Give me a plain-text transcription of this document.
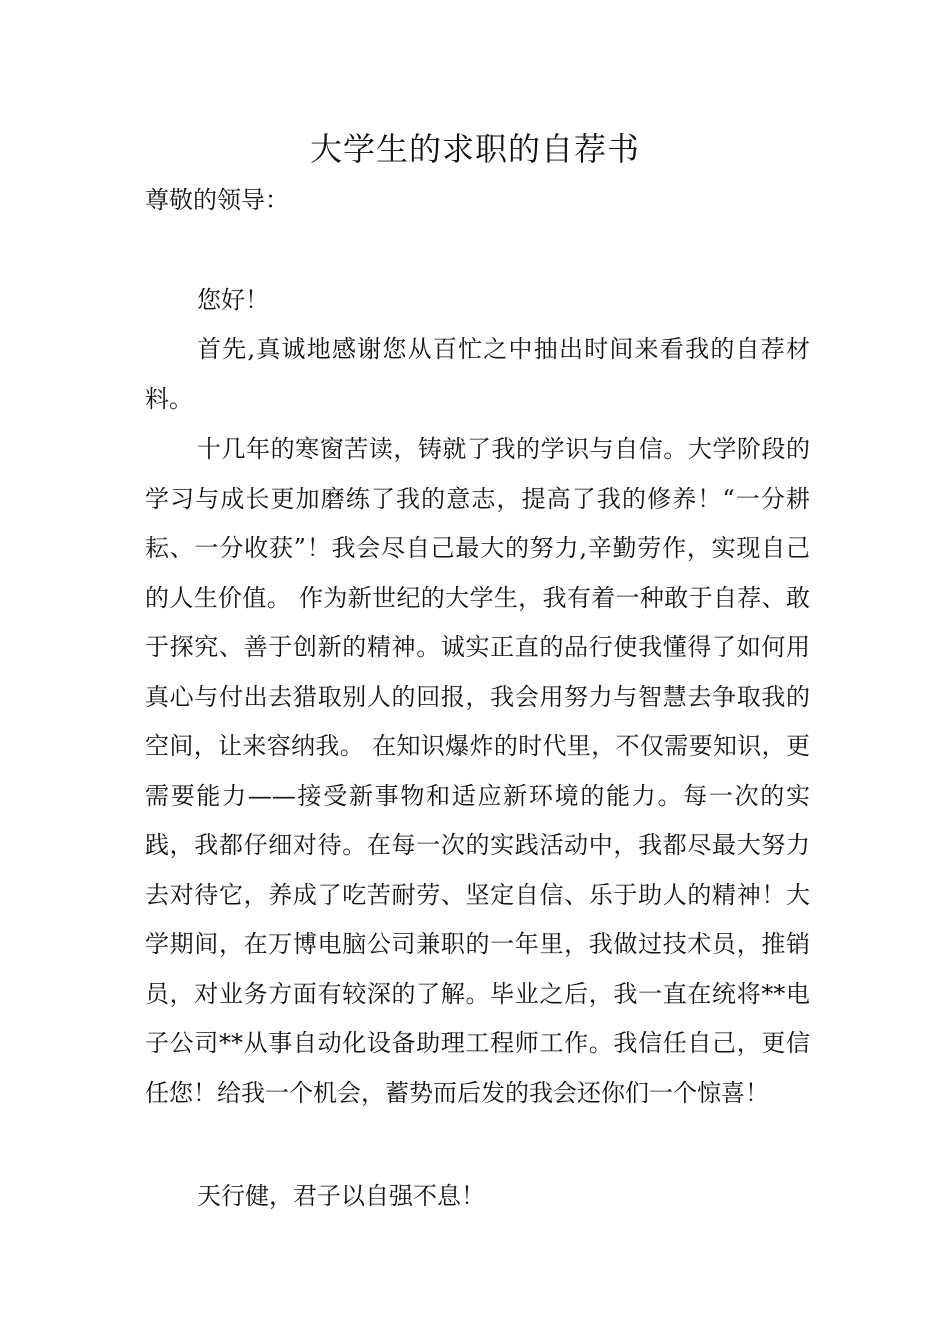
大学生的求职的自荐书

尊敬的领导：

您好！

首先,真诚地感谢您从百忙之中抽出时间来看我的自荐材料。

十几年的寒窗苦读，铸就了我的学识与自信。大学阶段的学习与成长更加磨练了我的意志，提高了我的修养！“一分耕耘、一分收获”！我会尽自己最大的努力,辛勤劳作，实现自己的人生价值。 作为新世纪的大学生，我有着一种敢于自荐、敢于探究、善于创新的精神。诚实正直的品行使我懂得了如何用真心与付出去猎取别人的回报，我会用努力与智慧去争取我的空间，让来容纳我。 在知识爆炸的时代里，不仅需要知识，更需要能力——接受新事物和适应新环境的能力。每一次的实践，我都仔细对待。在每一次的实践活动中，我都尽最大努力去对待它，养成了吃苦耐劳、坚定自信、乐于助人的精神！大学期间，在万博电脑公司兼职的一年里，我做过技术员，推销员，对业务方面有较深的了解。毕业之后，我一直在统将**电子公司**从事自动化设备助理工程师工作。我信任自己，更信任您！给我一个机会，蓄势而后发的我会还你们一个惊喜！

天行健，君子以自强不息！
